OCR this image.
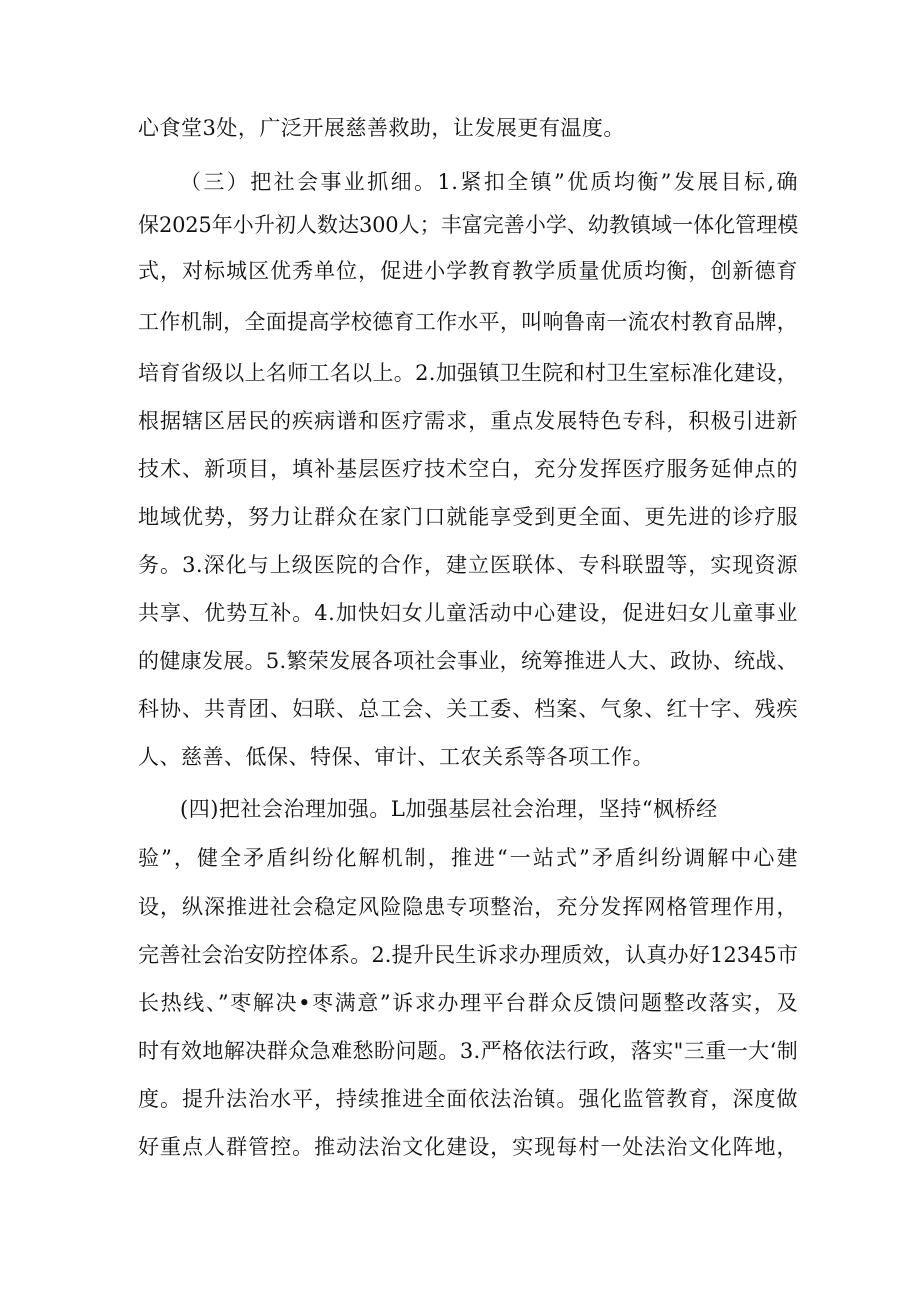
心食堂3处，广泛开展慈善救助，让发展更有温度。
（三）把社会事业抓细。1.紧扣全镇”优质均衡”发展目标,确
保2025年小升初人数达300人；丰富完善小学、幼教镇域一体化管理模
式，对标城区优秀单位，促进小学教育教学质量优质均衡，创新德育
工作机制，全面提高学校德育工作水平，叫响鲁南一流农村教育品牌，
培育省级以上名师工名以上。2.加强镇卫生院和村卫生室标准化建设，
根据辖区居民的疾病谱和医疗需求，重点发展特色专科，积极引进新
技术、新项目，填补基层医疗技术空白，充分发挥医疗服务延伸点的
地域优势，努力让群众在家门口就能享受到更全面、更先进的诊疗服
务。3.深化与上级医院的合作，建立医联体、专科联盟等，实现资源
共享、优势互补。4.加快妇女儿童活动中心建设，促进妇女儿童事业
的健康发展。5.繁荣发展各项社会事业，统筹推进人大、政协、统战、
科协、共青团、妇联、总工会、关工委、档案、气象、红十字、残疾
人、慈善、低保、特保、审计、工农关系等各项工作。
(四)把社会治理加强。L加强基层社会治理，坚持“枫桥经
验”，健全矛盾纠纷化解机制，推进“一站式”矛盾纠纷调解中心建
设，纵深推进社会稳定风险隐患专项整治，充分发挥网格管理作用，
完善社会治安防控体系。2.提升民生诉求办理质效，认真办好12345市
长热线、”枣解决•枣满意”诉求办理平台群众反馈问题整改落实，及
时有效地解决群众急难愁盼问题。3.严格依法行政，落实"三重一大‘制
度。提升法治水平，持续推进全面依法治镇。强化监管教育，深度做
好重点人群管控。推动法治文化建设，实现每村一处法治文化阵地，
